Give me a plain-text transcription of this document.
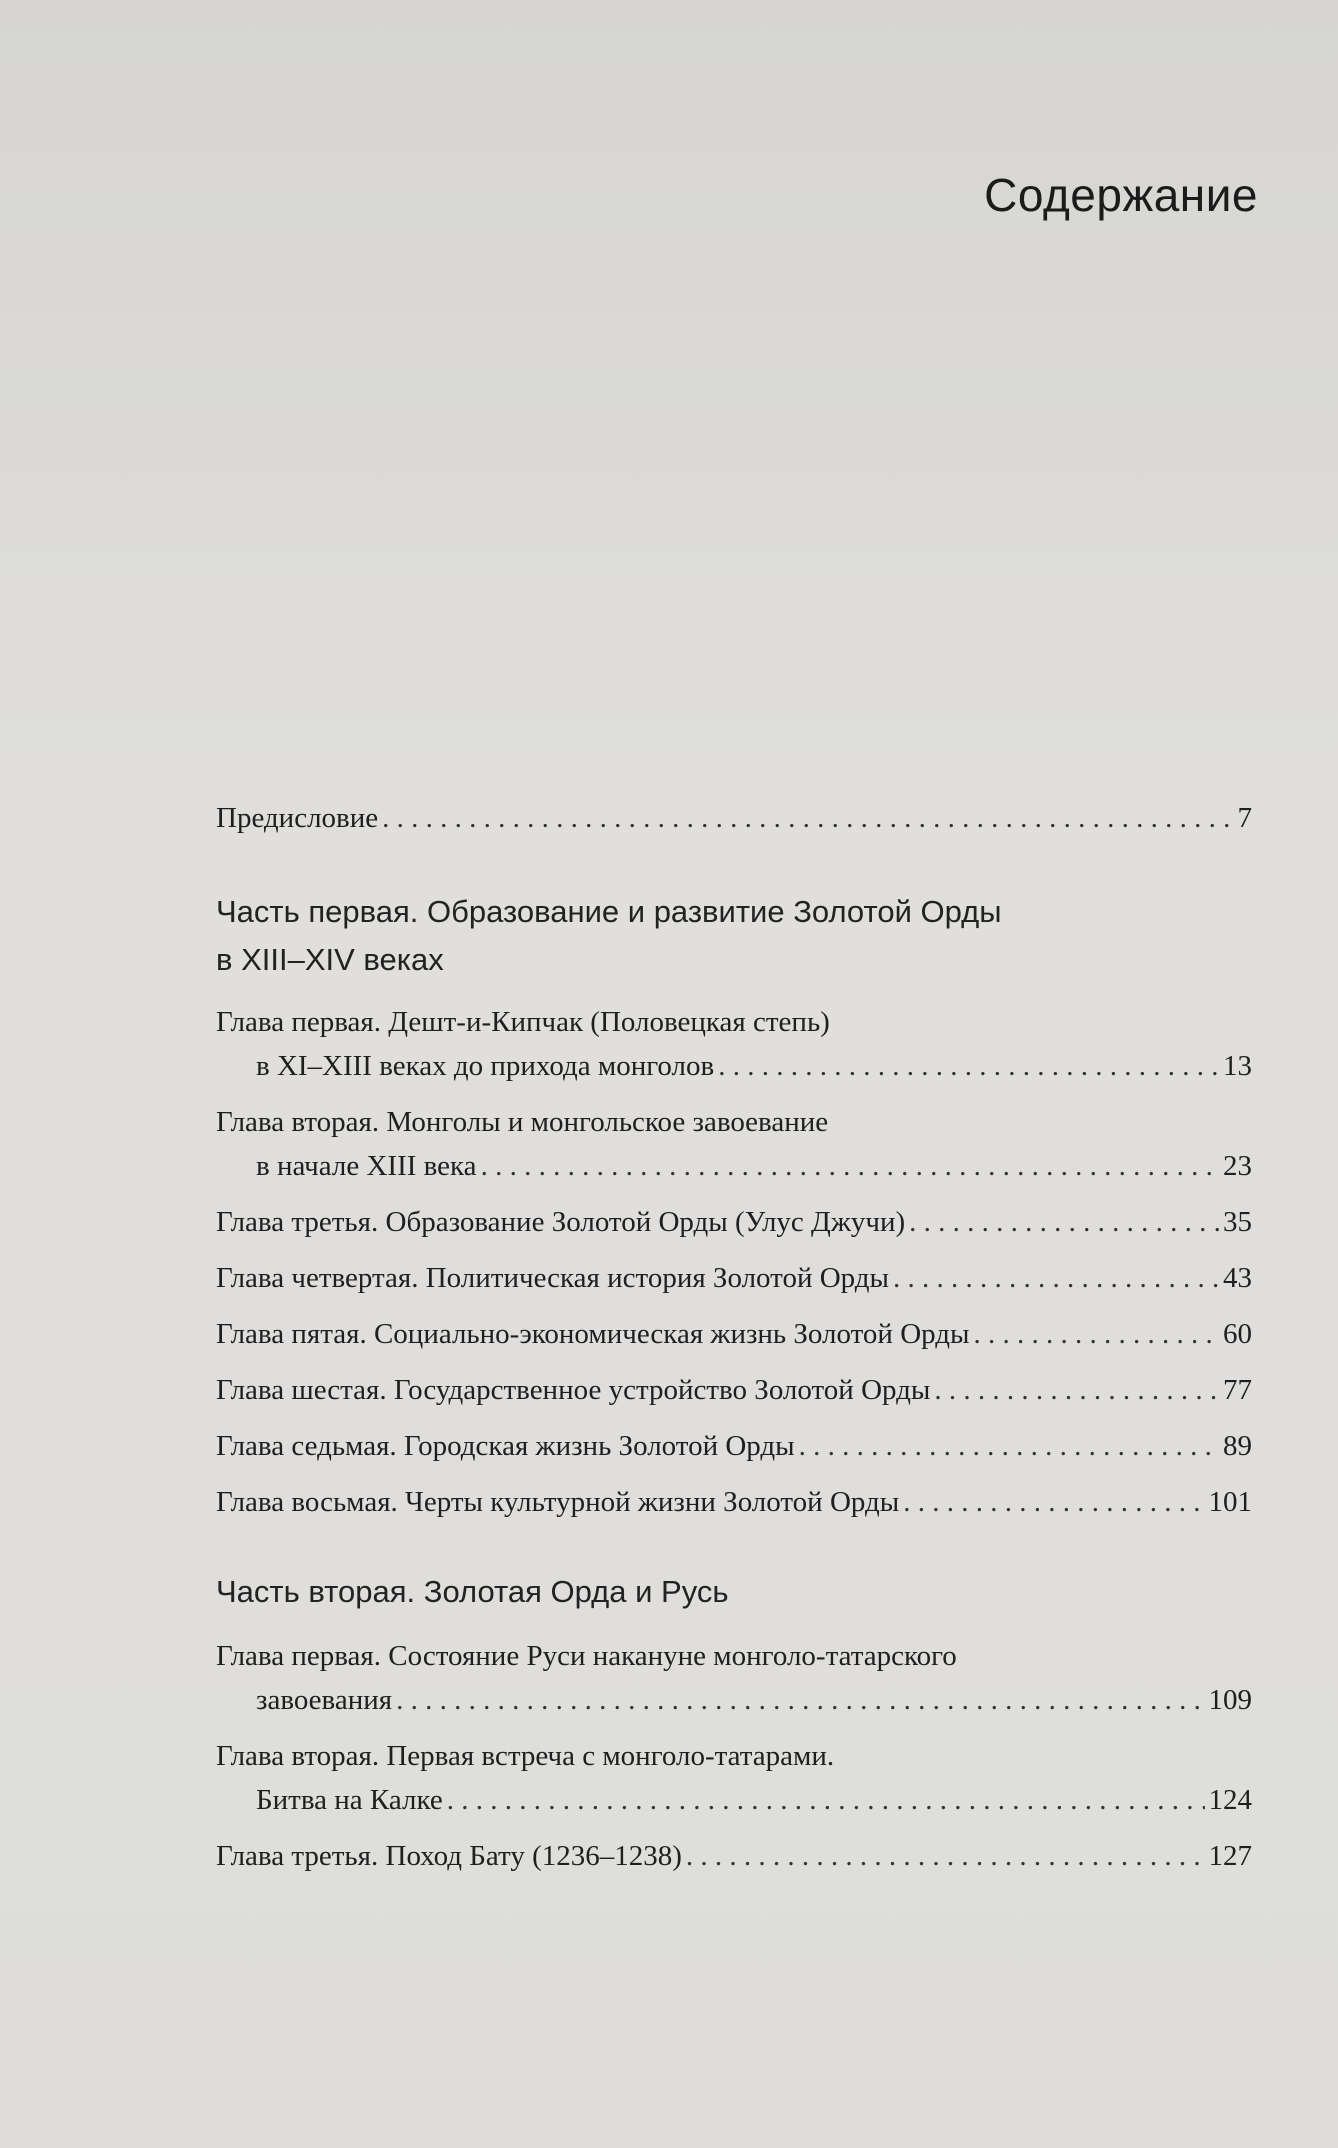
Содержание
Предисловие . . .	7
Часть первая. Образование и развитие Золотой Орды
в XIII–XIV веках
Глава первая. Дешт-и-Кипчак (Половецкая степь)
в XI–XIII веках до прихода монголов . . .	13
Глава вторая. Монголы и монгольское завоевание
в начале XIII века . . .	23
Глава третья. Образование Золотой Орды (Улус Джучи) . . .	35
Глава четвертая. Политическая история Золотой Орды . . .	43
Глава пятая. Социально-экономическая жизнь Золотой Орды . . .	60
Глава шестая. Государственное устройство Золотой Орды . . .	77
Глава седьмая. Городская жизнь Золотой Орды . . .	89
Глава восьмая. Черты культурной жизни Золотой Орды . . .	101
Часть вторая. Золотая Орда и Русь
Глава первая. Состояние Руси накануне монголо-татарского
завоевания . . .	109
Глава вторая. Первая встреча с монголо-татарами.
Битва на Калке . . .	124
Глава третья. Поход Бату (1236–1238) . . .	127
